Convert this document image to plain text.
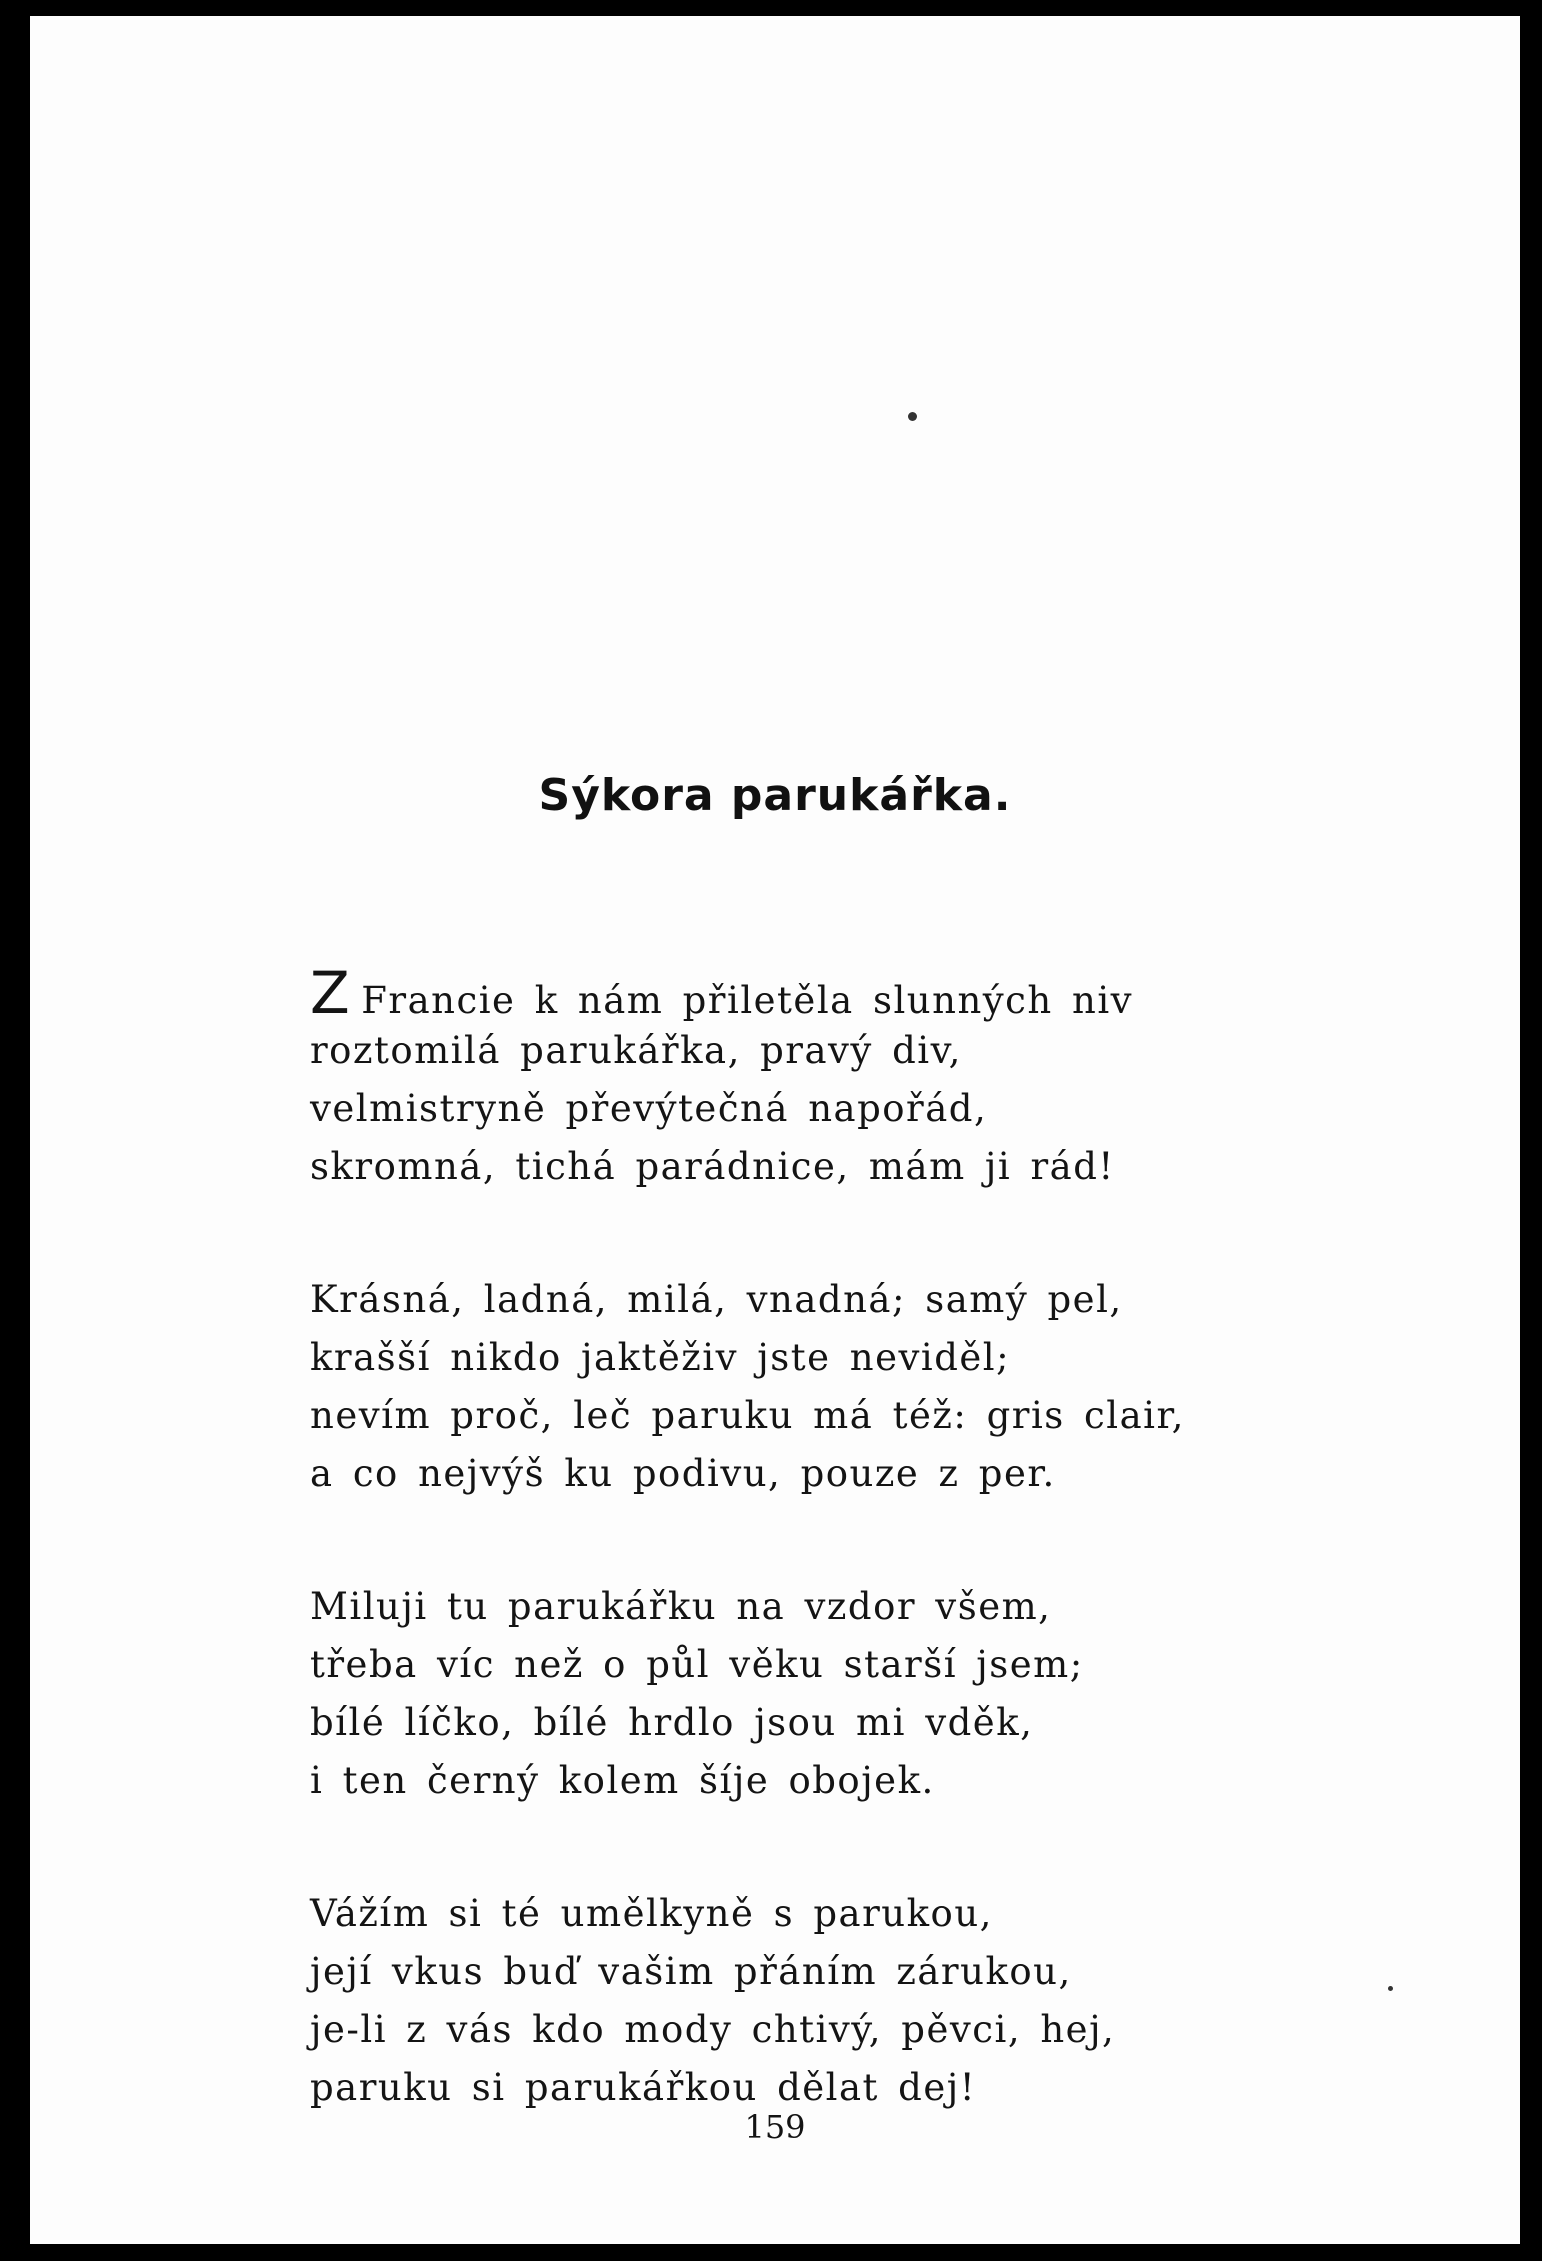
Sýkora parukářka.
Z Francie k nám přiletěla slunných niv
roztomilá parukářka, pravý div,
velmistryně převýtečná napořád,
skromná, tichá parádnice, mám ji rád!
Krásná, ladná, milá, vnadná; samý pel,
krašší nikdo jaktěživ jste neviděl;
nevím proč, leč paruku má též: gris clair,
a co nejvýš ku podivu, pouze z per.
Miluji tu parukářku na vzdor všem,
třeba víc než o půl věku starší jsem;
bílé líčko, bílé hrdlo jsou mi vděk,
i ten černý kolem šíje obojek.
Vážím si té umělkyně s parukou,
její vkus buď vašim přáním zárukou,
je-li z vás kdo mody chtivý, pěvci, hej,
paruku si parukářkou dělat dej!
159
